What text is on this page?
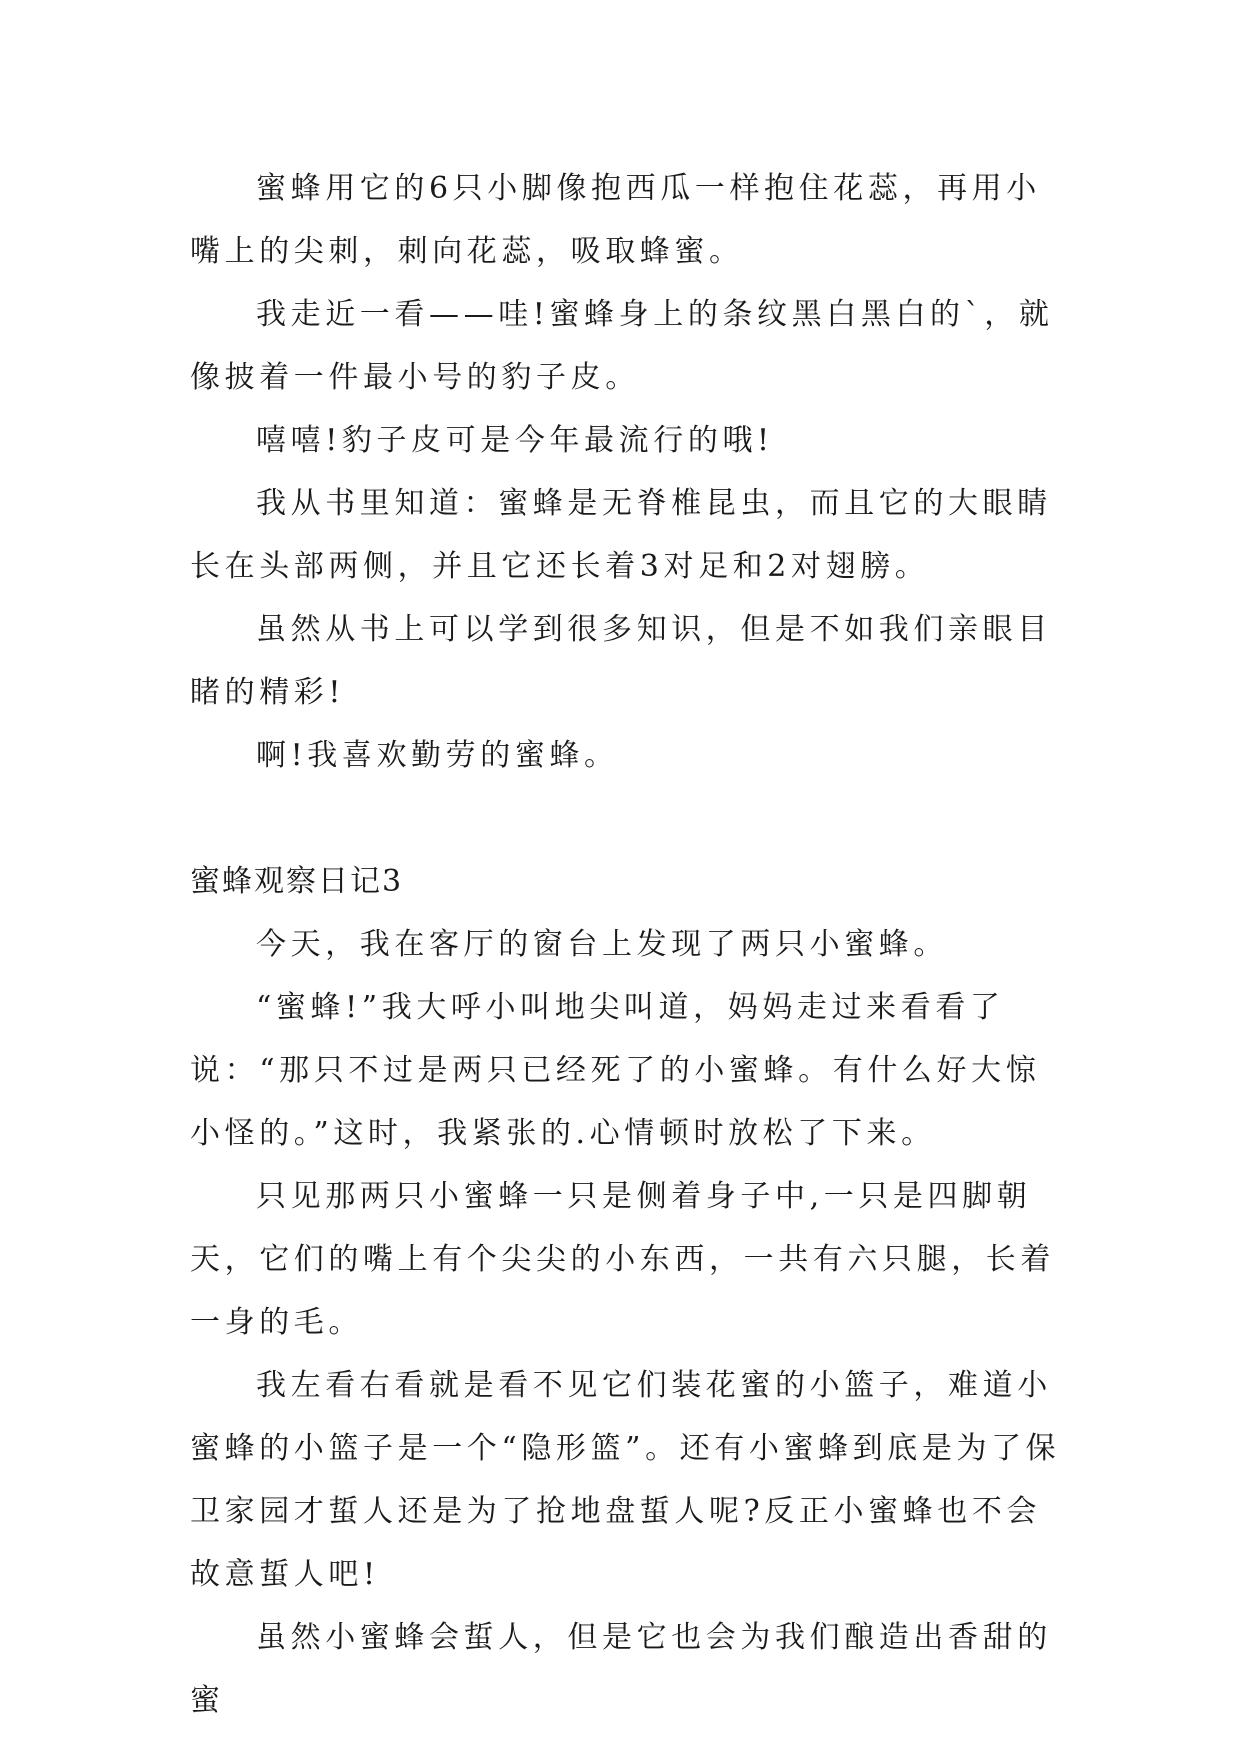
蜜蜂用它的6只小脚像抱西瓜一样抱住花蕊，再用小嘴上的尖刺，刺向花蕊，吸取蜂蜜。

我走近一看——哇!蜜蜂身上的条纹黑白黑白的`，就像披着一件最小号的豹子皮。

嘻嘻!豹子皮可是今年最流行的哦!

我从书里知道：蜜蜂是无脊椎昆虫，而且它的大眼睛长在头部两侧，并且它还长着3对足和2对翅膀。

虽然从书上可以学到很多知识，但是不如我们亲眼目睹的精彩!

啊!我喜欢勤劳的蜜蜂。

蜜蜂观察日记3

今天，我在客厅的窗台上发现了两只小蜜蜂。

“蜜蜂!”我大呼小叫地尖叫道，妈妈走过来看看了说：“那只不过是两只已经死了的小蜜蜂。有什么好大惊小怪的。”这时，我紧张的.心情顿时放松了下来。

只见那两只小蜜蜂一只是侧着身子中,一只是四脚朝天，它们的嘴上有个尖尖的小东西，一共有六只腿，长着一身的毛。

我左看右看就是看不见它们装花蜜的小篮子，难道小蜜蜂的小篮子是一个“隐形篮”。还有小蜜蜂到底是为了保卫家园才蜇人还是为了抢地盘蜇人呢?反正小蜜蜂也不会故意蜇人吧!

虽然小蜜蜂会蜇人，但是它也会为我们酿造出香甜的蜜
